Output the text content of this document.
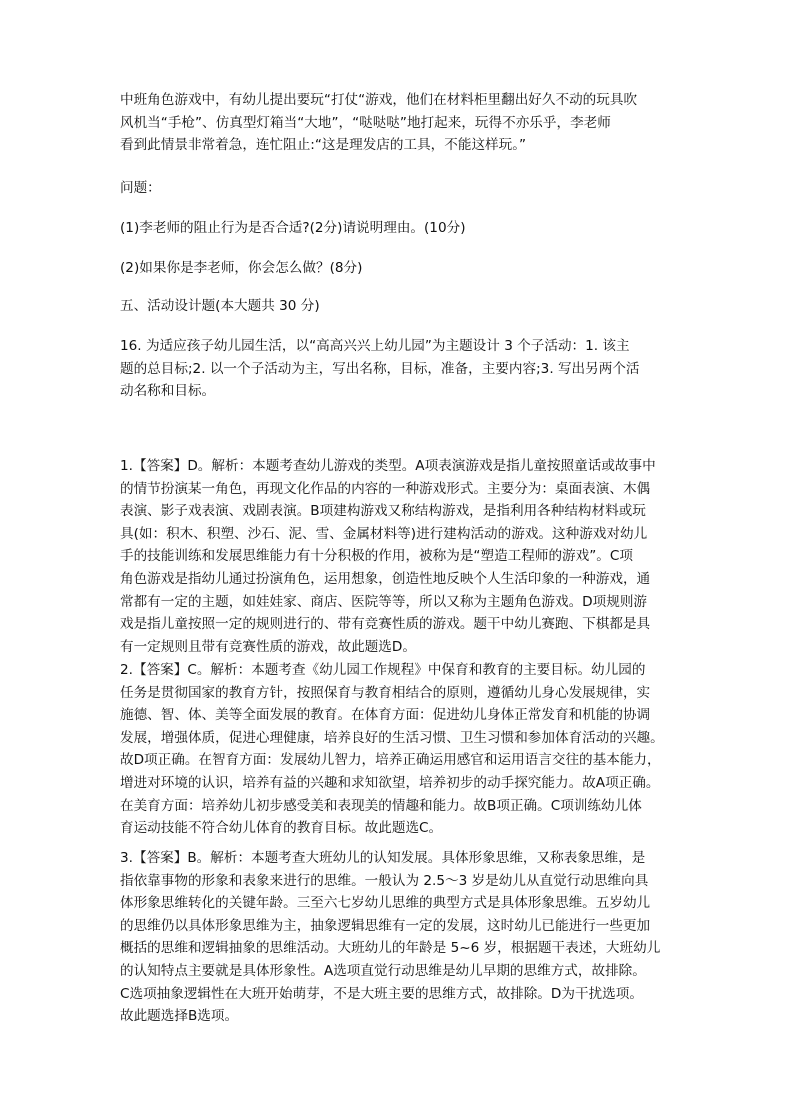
中班角色游戏中，有幼儿提出要玩“打仗“游戏，他们在材料柜里翻出好久不动的玩具吹
风机当“手枪”、仿真型灯箱当“大地”，“哒哒哒”地打起来，玩得不亦乐乎，李老师
看到此情景非常着急，连忙阻止:“这是理发店的工具，不能这样玩。”
问题：
(1)李老师的阻止行为是否合适?(2分)请说明理由。(10分)
(2)如果你是李老师，你会怎么做？(8分)
五、活动设计题(本大题共 30 分)
16. 为适应孩子幼儿园生活，以“高高兴兴上幼儿园”为主题设计 3 个子活动：1. 该主
题的总目标;2. 以一个子活动为主，写出名称，目标，准备，主要内容;3. 写出另两个活
动名称和目标。
1.【答案】D。解析：本题考查幼儿游戏的类型。A项表演游戏是指儿童按照童话或故事中
的情节扮演某一角色，再现文化作品的内容的一种游戏形式。主要分为：桌面表演、木偶
表演、影子戏表演、戏剧表演。B项建构游戏又称结构游戏，是指利用各种结构材料或玩
具(如：积木、积塑、沙石、泥、雪、金属材料等)进行建构活动的游戏。这种游戏对幼儿
手的技能训练和发展思维能力有十分积极的作用，被称为是“塑造工程师的游戏”。C项
角色游戏是指幼儿通过扮演角色，运用想象，创造性地反映个人生活印象的一种游戏，通
常都有一定的主题，如娃娃家、商店、医院等等，所以又称为主题角色游戏。D项规则游
戏是指儿童按照一定的规则进行的、带有竞赛性质的游戏。题干中幼儿赛跑、下棋都是具
有一定规则且带有竞赛性质的游戏，故此题选D。
2.【答案】C。解析：本题考查《幼儿园工作规程》中保育和教育的主要目标。幼儿园的
任务是贯彻国家的教育方针，按照保育与教育相结合的原则，遵循幼儿身心发展规律，实
施德、智、体、美等全面发展的教育。在体育方面：促进幼儿身体正常发育和机能的协调
发展，增强体质，促进心理健康，培养良好的生活习惯、卫生习惯和参加体育活动的兴趣。
故D项正确。在智育方面：发展幼儿智力，培养正确运用感官和运用语言交往的基本能力，
增进对环境的认识，培养有益的兴趣和求知欲望，培养初步的动手探究能力。故A项正确。
在美育方面：培养幼儿初步感受美和表现美的情趣和能力。故B项正确。C项训练幼儿体
育运动技能不符合幼儿体育的教育目标。故此题选C。
3.【答案】B。解析：本题考查大班幼儿的认知发展。具体形象思维，又称表象思维，是
指依靠事物的形象和表象来进行的思维。一般认为 2.5～3 岁是幼儿从直觉行动思维向具
体形象思维转化的关键年龄。三至六七岁幼儿思维的典型方式是具体形象思维。五岁幼儿
的思维仍以具体形象思维为主，抽象逻辑思维有一定的发展，这时幼儿已能进行一些更加
概括的思维和逻辑抽象的思维活动。大班幼儿的年龄是 5~6 岁，根据题干表述，大班幼儿
的认知特点主要就是具体形象性。A选项直觉行动思维是幼儿早期的思维方式，故排除。
C选项抽象逻辑性在大班开始萌芽，不是大班主要的思维方式，故排除。D为干扰选项。
故此题选择B选项。
